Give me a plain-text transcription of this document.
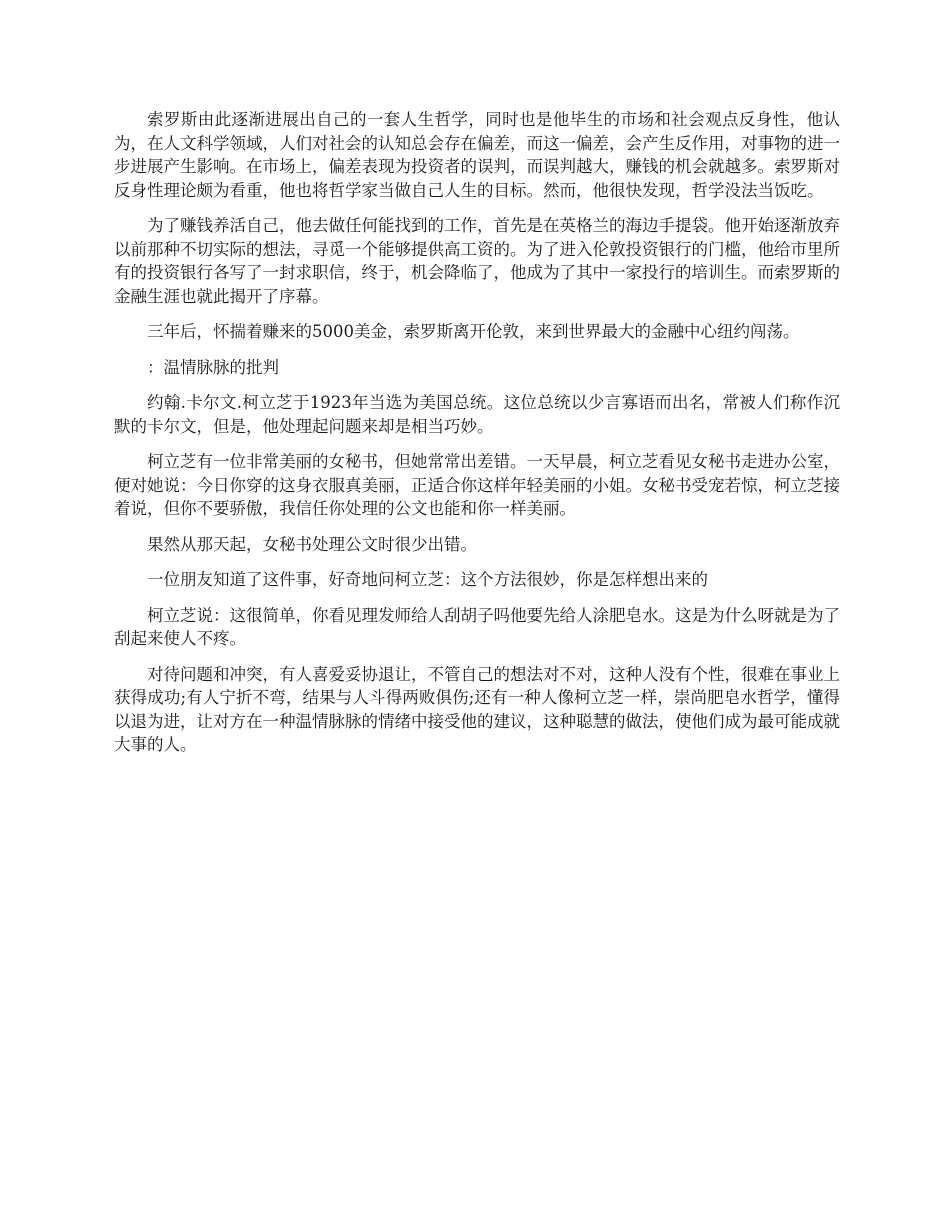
索罗斯由此逐渐进展出自己的一套人生哲学，同时也是他毕生的市场和社会观点反身性，他认为，在人文科学领域，人们对社会的认知总会存在偏差，而这一偏差，会产生反作用，对事物的进一步进展产生影响。在市场上，偏差表现为投资者的误判，而误判越大，赚钱的机会就越多。索罗斯对反身性理论颇为看重，他也将哲学家当做自己人生的目标。然而，他很快发现，哲学没法当饭吃。

为了赚钱养活自己，他去做任何能找到的工作，首先是在英格兰的海边手提袋。他开始逐渐放弃以前那种不切实际的想法，寻觅一个能够提供高工资的。为了进入伦敦投资银行的门槛，他给市里所有的投资银行各写了一封求职信，终于，机会降临了，他成为了其中一家投行的培训生。而索罗斯的金融生涯也就此揭开了序幕。

三年后，怀揣着赚来的5000美金，索罗斯离开伦敦，来到世界最大的金融中心纽约闯荡。

：温情脉脉的批判

约翰.卡尔文.柯立芝于1923年当选为美国总统。这位总统以少言寡语而出名，常被人们称作沉默的卡尔文，但是，他处理起问题来却是相当巧妙。

柯立芝有一位非常美丽的女秘书，但她常常出差错。一天早晨，柯立芝看见女秘书走进办公室，便对她说：今日你穿的这身衣服真美丽，正适合你这样年轻美丽的小姐。女秘书受宠若惊，柯立芝接着说，但你不要骄傲，我信任你处理的公文也能和你一样美丽。

果然从那天起，女秘书处理公文时很少出错。

一位朋友知道了这件事，好奇地问柯立芝：这个方法很妙，你是怎样想出来的

柯立芝说：这很简单，你看见理发师给人刮胡子吗他要先给人涂肥皂水。这是为什么呀就是为了刮起来使人不疼。

对待问题和冲突，有人喜爱妥协退让，不管自己的想法对不对，这种人没有个性，很难在事业上获得成功;有人宁折不弯，结果与人斗得两败俱伤;还有一种人像柯立芝一样，崇尚肥皂水哲学，懂得以退为进，让对方在一种温情脉脉的情绪中接受他的建议，这种聪慧的做法，使他们成为最可能成就大事的人。
